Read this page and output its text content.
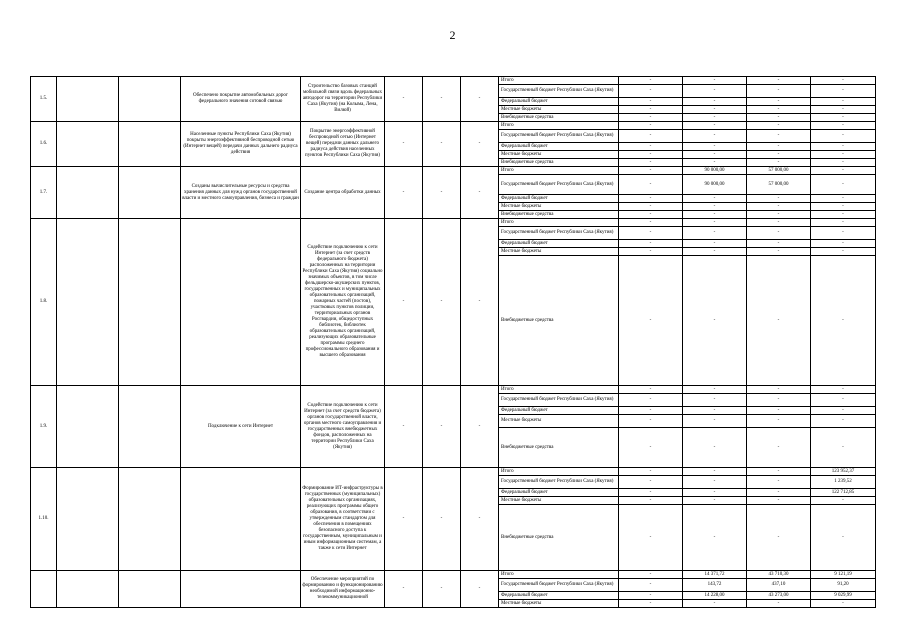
2
1.5.			Обеспечено покрытие автомобильных дорог федерального значения сотовой связью	Строительство базовых станций мобильной связи вдоль федеральных автодорог на территории Республики Саха (Якутия) (на Колыма, Лена, Вилюй)	-	-	-	Итого	-	-	-	-
								Государственный бюджет Республики Саха (Якутия)	-	-	-	-
								Федеральный бюджет	-	-	-	-
								Местные бюджеты	-	-	-	-
								Внебюджетные средства	-	-	-	-
1.6.			Населенные пункты Республики Саха (Якутия) покрыты энергоэффективной беспроводной сетью (Интернет вещей) передачи данных дальнего радиуса действия	Покрытие энергоэффективной беспроводной сетью (Интернет вещей) передачи данных дальнего радиуса действия населенных пунктов Республики Саха (Якутия)	-	-	-	Итого	-	-	-	-
								Государственный бюджет Республики Саха (Якутия)	-	-	-	-
								Федеральный бюджет	-	-	-	-
								Местные бюджеты	-	-	-	-
								Внебюджетные средства	-	-	-	-
1.7.			Созданы вычислительные ресурсы и средства хранения данных для нужд органов государственной власти и местного самоуправления, бизнеса и граждан	Создание центра обработки данных	-	-	-	Итого	-	90 000,00	57 000,00	-
								Государственный бюджет Республики Саха (Якутия)	-	90 000,00	57 000,00	-
								Федеральный бюджет	-	-	-	-
								Местные бюджеты	-	-	-	-
								Внебюджетные средства	-	-	-	-
1.8.				Содействие подключению к сети Интернет (за счет средств федерального бюджета) расположенных на территории Республики Саха (Якутия) социально значимых объектов, в том числе фельдшерско-акушерских пунктов, государственных и муниципальных образовательных организаций, пожарных частей (постов), участковых пунктов полиции, территориальных органов Росгвардии, общедоступных библиотек, библиотек образовательных организаций, реализующих образовательные программы среднего профессионального образования и высшего образования	-	-	-	Итого	-	-	-	-
								Государственный бюджет Республики Саха (Якутия)	-	-	-	-
								Федеральный бюджет	-	-	-	-
								Местные бюджеты	-	-	-	-
								Внебюджетные средства	-	-	-	-
1.9.			Подключение к сети Интернет	Содействие подключению к сети Интернет (за счет средств бюджета) органов государственной власти, органов местного самоуправления и государственных внебюджетных фондов, расположенных на территории Республики Саха (Якутия)	-	-	-	Итого	-	-	-	-
								Государственный бюджет Республики Саха (Якутия)	-	-	-	-
								Федеральный бюджет	-	-	-	-
								Местные бюджеты	-	-	-	-
								Внебюджетные средства	-	-	-	-
1.10.				Формирование ИТ-инфраструктуры в государственных (муниципальных) образовательных организациях, реализующих программы общего образования, в соответствии с утвержденным стандартом для обеспечения в помещениях безопасного доступа к государственным, муниципальным и иным информационным системам, а также к сети Интернет	-	-	-	Итого	-	-	-	123 952,37
								Государственный бюджет Республики Саха (Якутия)	-	-	-	1 239,52
								Федеральный бюджет	-	-	-	122 712,85
								Местные бюджеты	-	-	-	-
								Внебюджетные средства	-	-	-	-
				Обеспечение мероприятий по формированию и функционированию необходимой информационно-телекоммуникационной	-	-	-	Итого	-	14 371,72	43 710,30	9 121,19
								Государственный бюджет Республики Саха (Якутия)	-	143,72	437,10	91,20
								Федеральный бюджет	-	14 228,00	43 273,00	9 029,99
								Местные бюджеты	-	-	-	-
